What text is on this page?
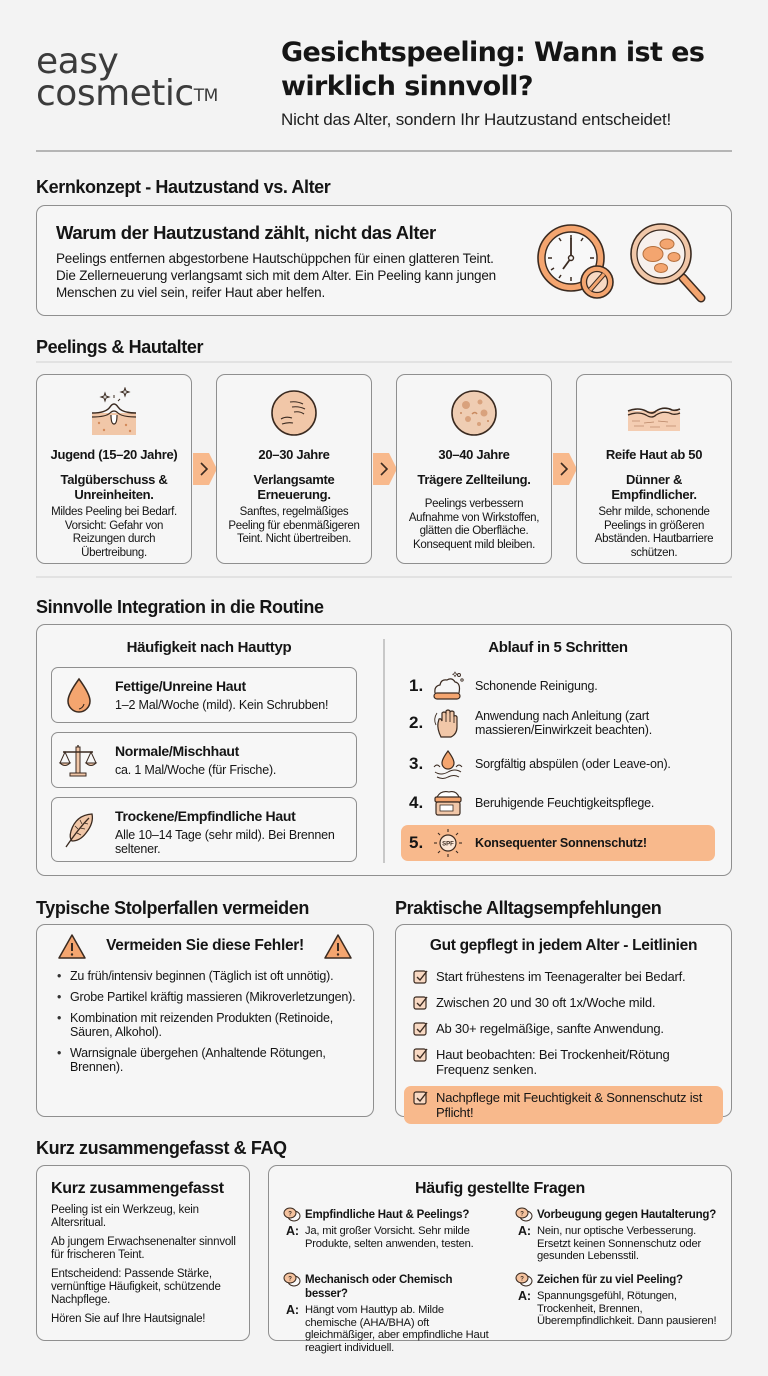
easy
cosmetic™
Gesichtspeeling: Wann ist es
wirklich sinnvoll?
Nicht das Alter, sondern Ihr Hautzustand entscheidet!
Kernkonzept - Hautzustand vs. Alter
Warum der Hautzustand zählt, nicht das Alter
Peelings entfernen abgestorbene Hautschüppchen für einen glatteren Teint. Die Zellerneuerung verlangsamt sich mit dem Alter. Ein Peeling kann jungen Menschen zu viel sein, reifer Haut aber helfen.
Peelings & Hautalter
Jugend (15–20 Jahre)
Talgüberschuss & Unreinheiten.
Mildes Peeling bei Bedarf. Vorsicht: Gefahr von Reizungen durch Übertreibung.
20–30 Jahre
Verlangsamte Erneuerung.
Sanftes, regelmäßiges Peeling für ebenmäßigeren Teint. Nicht übertreiben.
30–40 Jahre
Trägere Zellteilung.
Peelings verbessern Aufnahme von Wirkstoffen, glätten die Oberfläche. Konsequent mild bleiben.
Reife Haut ab 50
Dünner & Empfindlicher.
Sehr milde, schonende Peelings in größeren Abständen. Hautbarriere schützen.
Sinnvolle Integration in die Routine
Häufigkeit nach Hauttyp
Fettige/Unreine Haut
1–2 Mal/Woche (mild). Kein Schrubben!
Normale/Mischhaut
ca. 1 Mal/Woche (für Frische).
Trockene/Empfindliche Haut
Alle 10–14 Tage (sehr mild). Bei Brennen seltener.
Ablauf in 5 Schritten
1.	Schonende Reinigung.
2.	Anwendung nach Anleitung (zart massieren/Einwirkzeit beachten).
3.	Sorgfältig abspülen (oder Leave-on).
4.	Beruhigende Feuchtigkeitspflege.
5.	SPF Konsequenter Sonnenschutz!
Typische Stolperfallen vermeiden
Vermeiden Sie diese Fehler!
• Zu früh/intensiv beginnen (Täglich ist oft unnötig).
• Grobe Partikel kräftig massieren (Mikroverletzungen).
• Kombination mit reizenden Produkten (Retinoide, Säuren, Alkohol).
• Warnsignale übergehen (Anhaltende Rötungen, Brennen).
Praktische Alltagsempfehlungen
Gut gepflegt in jedem Alter - Leitlinien
Start frühestens im Teenageralter bei Bedarf.
Zwischen 20 und 30 oft 1x/Woche mild.
Ab 30+ regelmäßige, sanfte Anwendung.
Haut beobachten: Bei Trockenheit/Rötung Frequenz senken.
Nachpflege mit Feuchtigkeit & Sonnenschutz ist Pflicht!
Kurz zusammengefasst & FAQ
Kurz zusammengefasst

Peeling ist ein Werkzeug, kein Altersritual.

Ab jungem Erwachsenenalter sinnvoll für frischeren Teint.

Entscheidend: Passende Stärke, vernünftige Häufigkeit, schützende Nachpflege.

Hören Sie auf Ihre Hautsignale!

Häufig gestellte Fragen
? Empfindliche Haut & Peelings?
A: Ja, mit großer Vorsicht. Sehr milde Produkte, selten anwenden, testen.
? Vorbeugung gegen Hautalterung?
A: Nein, nur optische Verbesserung. Ersetzt keinen Sonnenschutz oder gesunden Lebensstil.
? Mechanisch oder Chemisch besser?
A: Hängt vom Hauttyp ab. Milde chemische (AHA/BHA) oft gleichmäßiger, aber empfindliche Haut reagiert individuell.
? Zeichen für zu viel Peeling?
A: Spannungsgefühl, Rötungen, Trockenheit, Brennen, Überempfindlichkeit. Dann pausieren!
